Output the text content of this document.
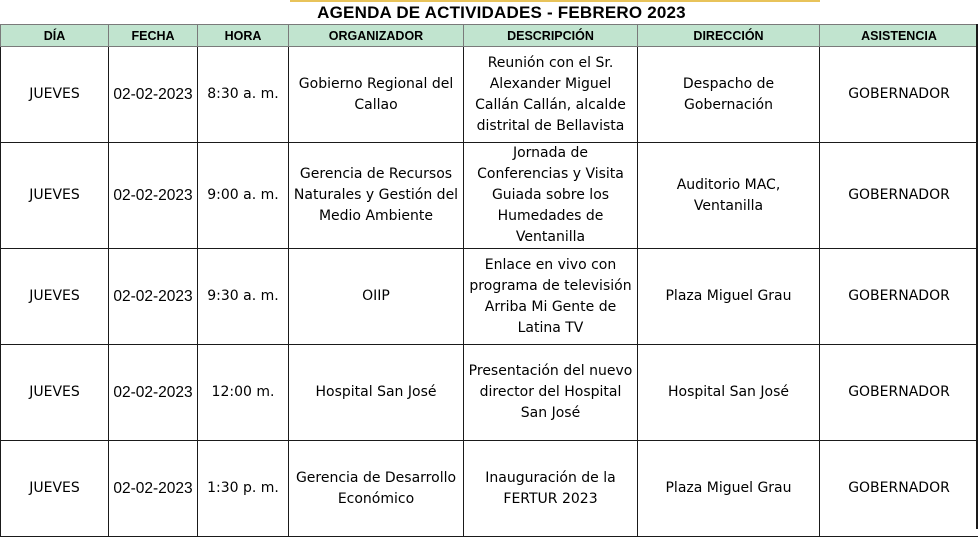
AGENDA DE ACTIVIDADES - FEBRERO 2023
DÍA	FECHA	HORA	ORGANIZADOR	DESCRIPCIÓN	DIRECCIÓN	ASISTENCIA
JUEVES	02-02-2023	8:30 a. m.	Gobierno Regional del Callao	Reunión con el Sr. Alexander Miguel Callán Callán, alcalde distrital de Bellavista	Despacho de Gobernación	GOBERNADOR
JUEVES	02-02-2023	9:00 a. m.	Gerencia de Recursos Naturales y Gestión del Medio Ambiente	Jornada de Conferencias y Visita Guiada sobre los Humedades de Ventanilla	Auditorio MAC, Ventanilla	GOBERNADOR
JUEVES	02-02-2023	9:30 a. m.	OIIP	Enlace en vivo con programa de televisión Arriba Mi Gente de Latina TV	Plaza Miguel Grau	GOBERNADOR
JUEVES	02-02-2023	12:00 m.	Hospital San José	Presentación del nuevo director del Hospital San José	Hospital San José	GOBERNADOR
JUEVES	02-02-2023	1:30 p. m.	Gerencia de Desarrollo Económico	Inauguración de la FERTUR 2023	Plaza Miguel Grau	GOBERNADOR
